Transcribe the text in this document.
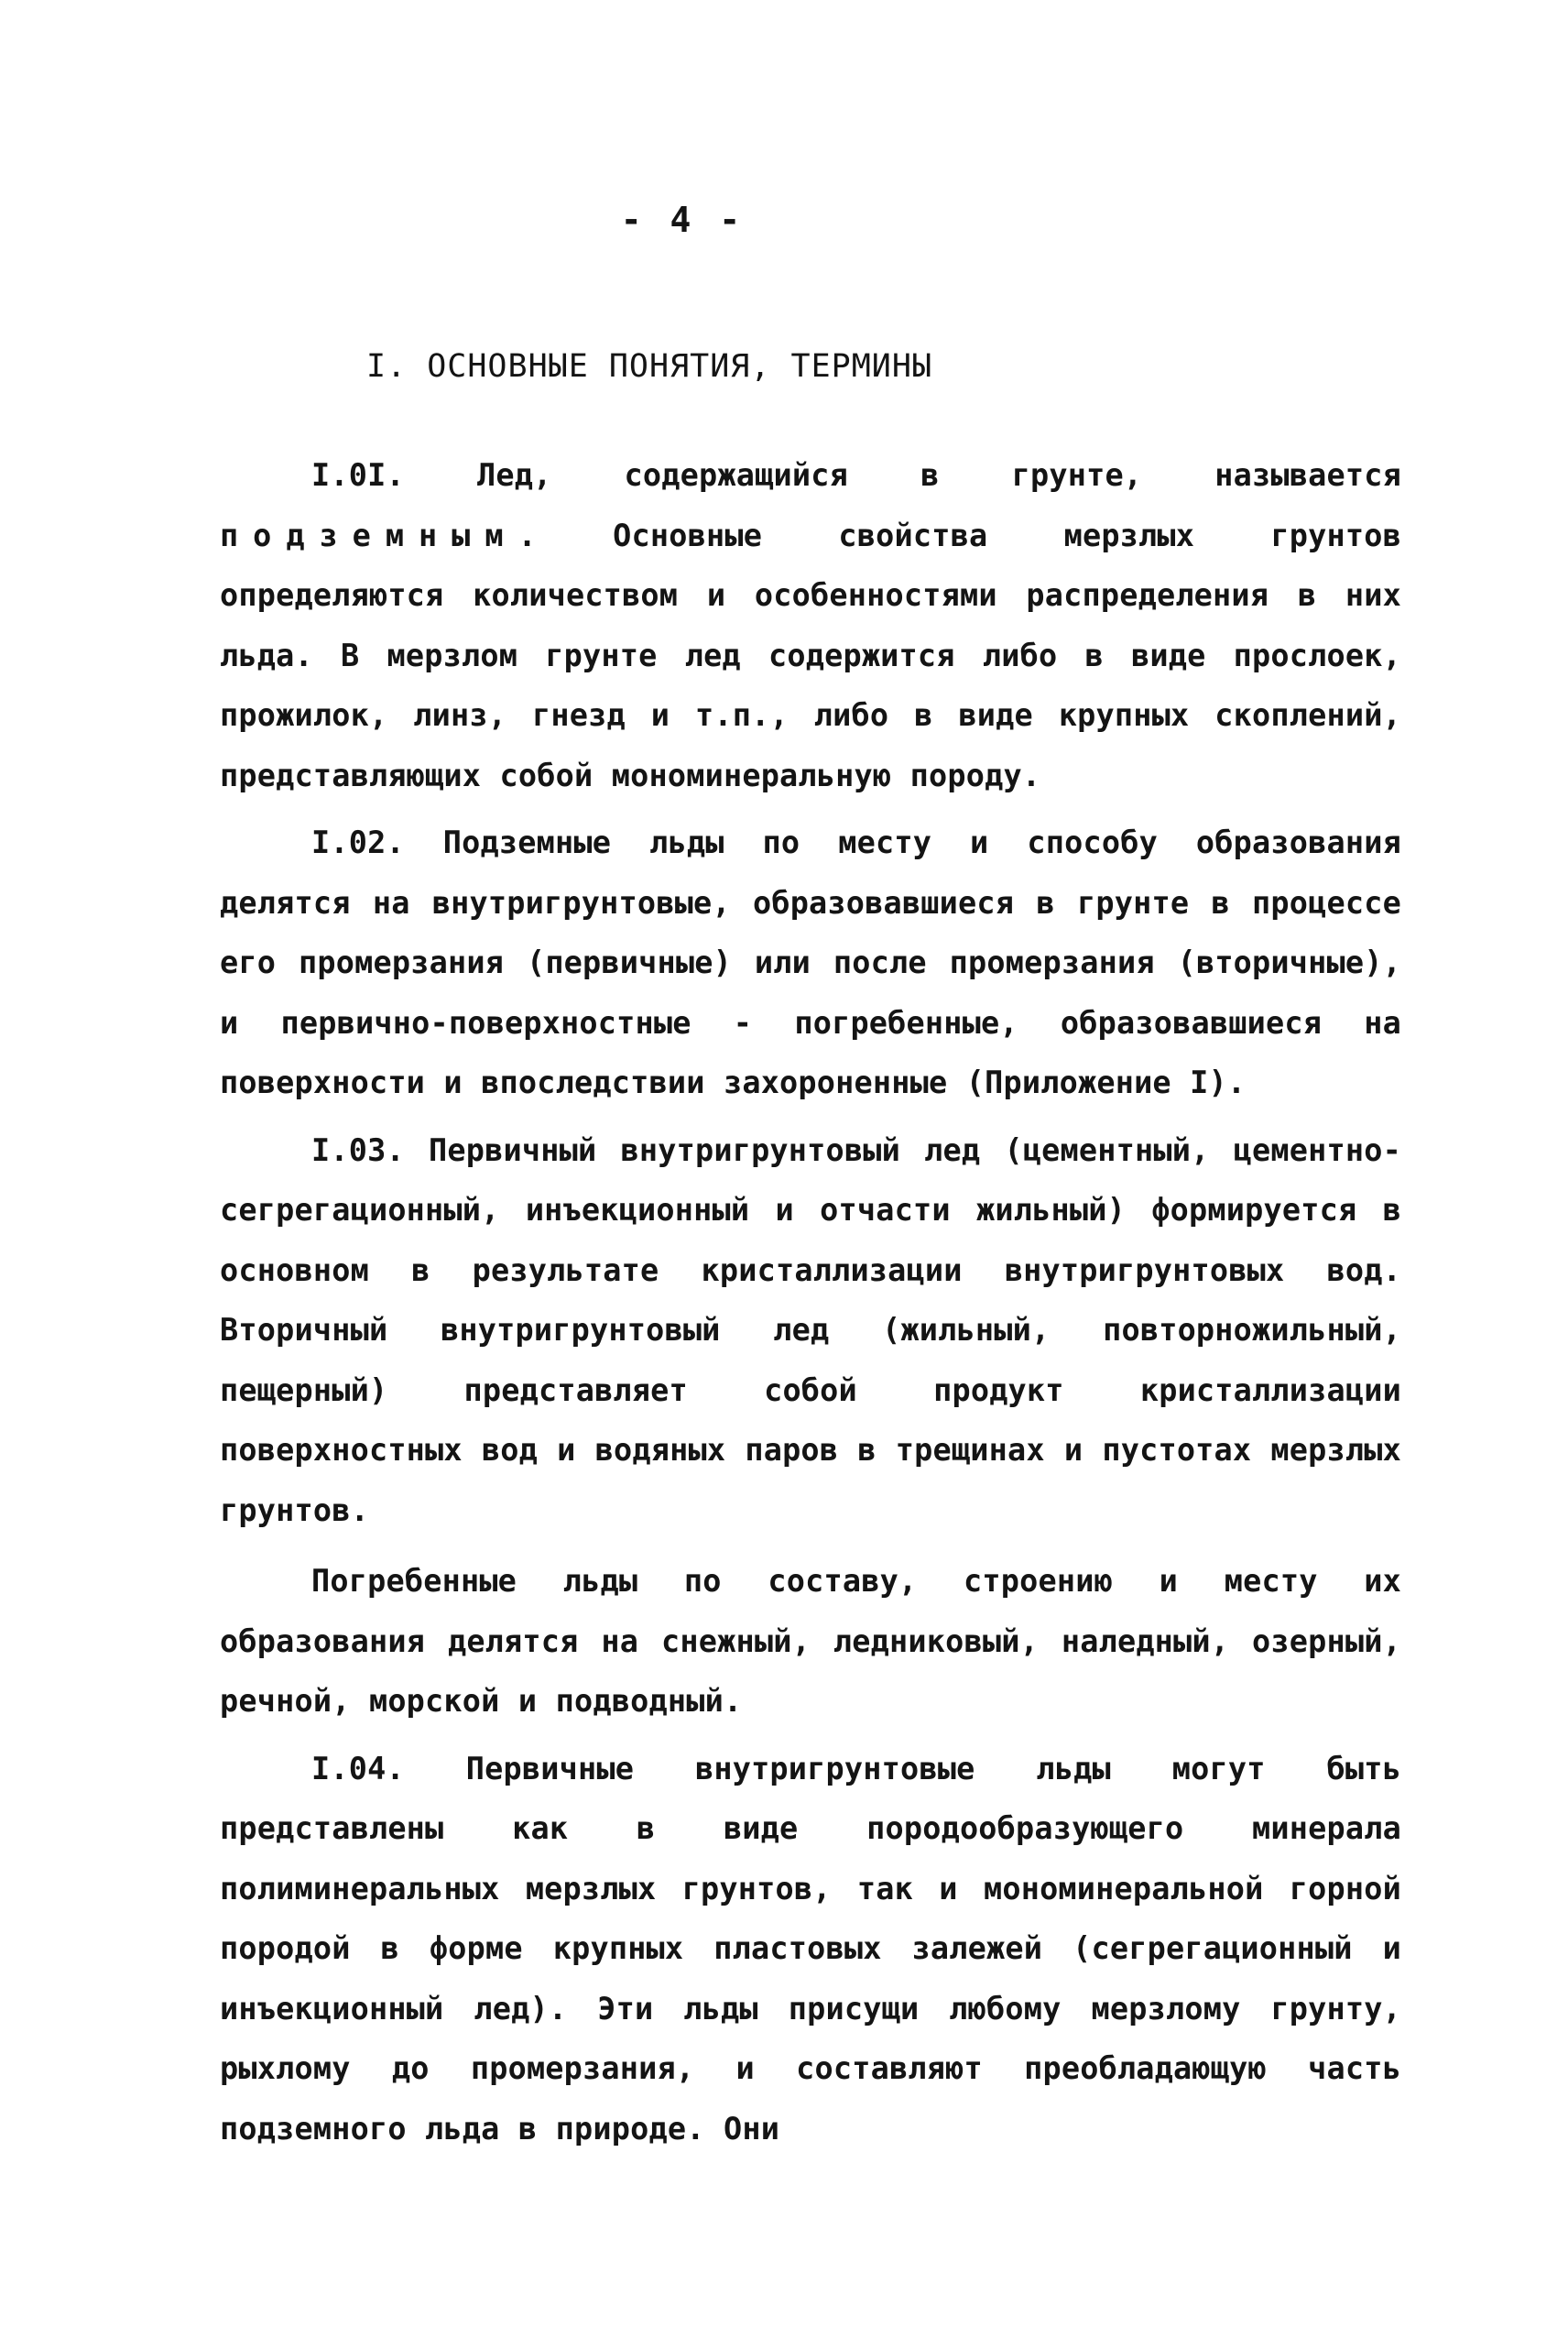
- 4 -
I. ОСНОВНЫЕ ПОНЯТИЯ, ТЕРМИНЫ

I.0I. Лед, содержащийся в грунте, называется подземным. Основные свойства мерзлых грунтов определяются количеством и особенностями распределения в них льда. В мерзлом грунте лед содержится либо в виде прослоек, прожилок, линз, гнезд и т.п., либо в виде крупных скоплений, представляющих собой мономинеральную породу.

I.02. Подземные льды по месту и способу образования делятся на внутригрунтовые, образовавшиеся в грунте в процессе его промерзания (первичные) или после промерзания (вторичные), и первично-поверхностные - погребенные, образовавшиеся на поверхности и впоследствии захороненные (Приложение I).

I.03. Первичный внутригрунтовый лед (цементный, цементно-сегрегационный, инъекционный и отчасти жильный) формируется в основном в результате кристаллизации внутригрунтовых вод. Вторичный внутригрунтовый лед (жильный, повторножильный, пещерный) представляет собой продукт кристаллизации поверхностных вод и водяных паров в трещинах и пустотах мерзлых грунтов.

Погребенные льды по составу, строению и месту их образования делятся на снежный, ледниковый, наледный, озерный, речной, морской и подводный.

I.04. Первичные внутригрунтовые льды могут быть представлены как в виде породообразующего минерала полиминеральных мерзлых грунтов, так и мономинеральной горной породой в форме крупных пластовых залежей (сегрегационный и инъекционный лед). Эти льды присущи любому мерзлому грунту, рыхлому до промерзания, и составляют преобладающую часть подземного льда в природе. Они
